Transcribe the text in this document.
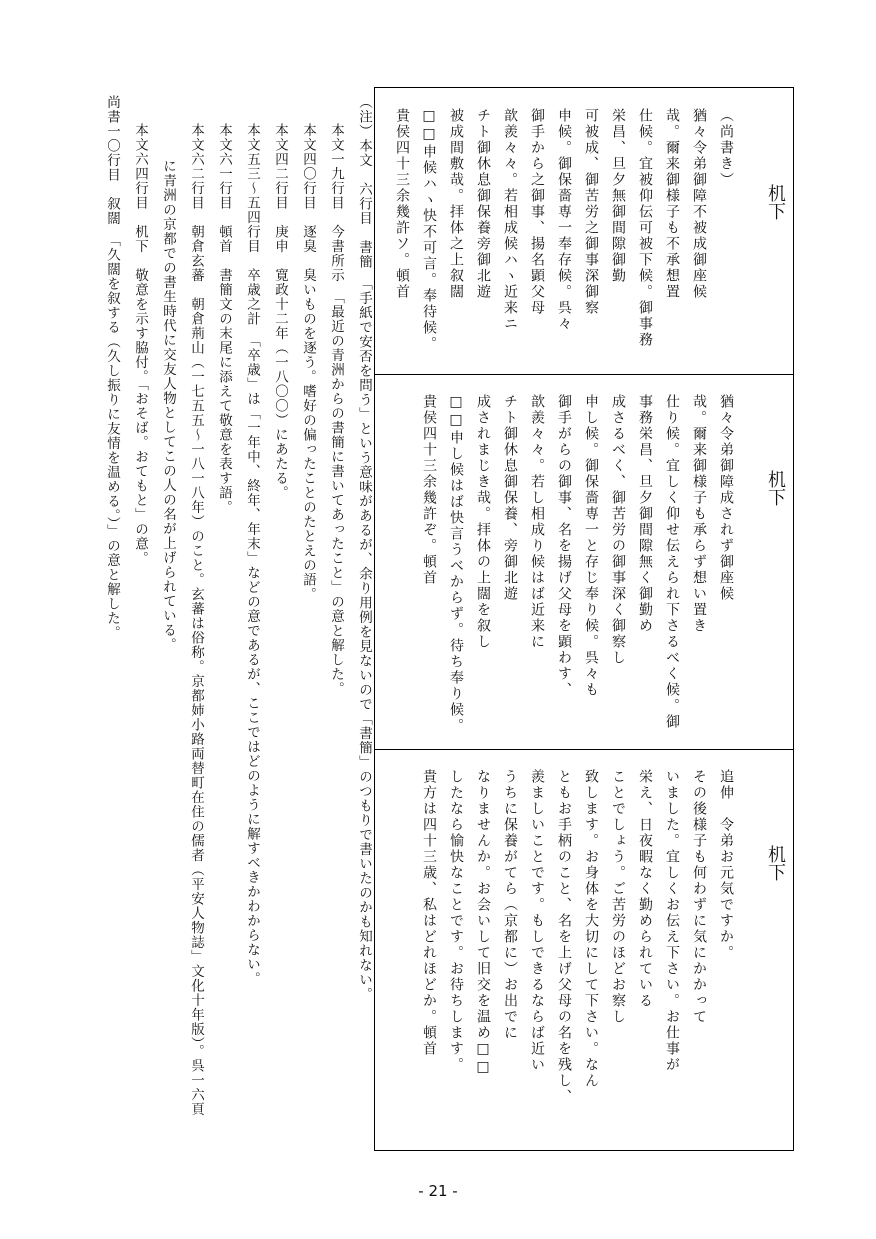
机下
（尚書き）
猶々令弟御障不被成御座候
哉。爾来御様子も不承想置
仕候。宜被仰伝可被下候。御事務
栄昌、旦夕無御間隙御勤
可被成、御苦労之御事深御察
申候。御保嗇専一奉存候。呉々
御手から之御事、揚名顕父母
歆羨々々。若相成候ハヽ近来ニ
チト御休息御保養旁御北遊
被成間敷哉。拝体之上叙闊
□□申候ハヽ快不可言。奉待候。
貴侯四十三余幾許ソ。頓首
机下
猶々令弟御障成されず御座候
哉。爾来御様子も承らず想い置き
仕り候。宜しく仰せ伝えられ下さるべく候。御
事務栄昌、旦夕御間隙無く御勤め
成さるべく、御苦労の御事深く御察し
申し候。御保嗇専一と存じ奉り候。呉々も
御手がらの御事、名を揚げ父母を顕わす、
歆羨々々。若し相成り候はば近来に
チト御休息御保養、旁御北遊
成されまじき哉。拝体の上闊を叙し
□□申し候はば快言うべからず。待ち奉り候。
貴侯四十三余幾許ぞ。頓首
机下
追伸　令弟お元気ですか。
その後様子も何わずに気にかかって
いました。宜しくお伝え下さい。お仕事が
栄え、日夜暇なく勤められている
ことでしょう。ご苦労のほどお察し
致します。お身体を大切にして下さい。なん
ともお手柄のこと、名を上げ父母の名を残し、
羨ましいことです。もしできるならば近い
うちに保養がてら（京都に）お出でに
なりませんか。お会いして旧交を温め□□
したなら愉快なことです。お待ちします。
貴方は四十三歳、私はどれほどか。頓首
（注）本文　六行目　書簡　「手紙で安否を問う」という意味があるが、余り用例を見ないので「書簡」のつもりで書いたのかも知れない。
本文一九行目　今書所示　「最近の青洲からの書簡に書いてあったこと」の意と解した。
本文四〇行目　逐臭　臭いものを逐う。嗜好の偏ったことのたとえの語。
本文四二行目　庚申　寛政十二年（一八〇〇）にあたる。
本文五三～五四行目　卒歳之計　「卒歳」は「一年中、終年、年末」などの意であるが、ここではどのように解すべきかわからない。
本文六一行目　頓首　書簡文の末尾に添えて敬意を表す語。
本文六二行目　朝倉玄蕃　朝倉荊山（一七五五～一八一八年）のこと。玄蕃は俗称。京都姉小路両替町在住の儒者（平安人物誌」文化十年版）。呉一六頁
に青洲の京都での書生時代に交友人物としてこの人の名が上げられている。
本文六四行目　机下　敬意を示す脇付。「おそば。おてもと」の意。
尚書一〇行目　叙闊　「久闊を叙する（久し振りに友情を温める。）」の意と解した。
- 21 -
